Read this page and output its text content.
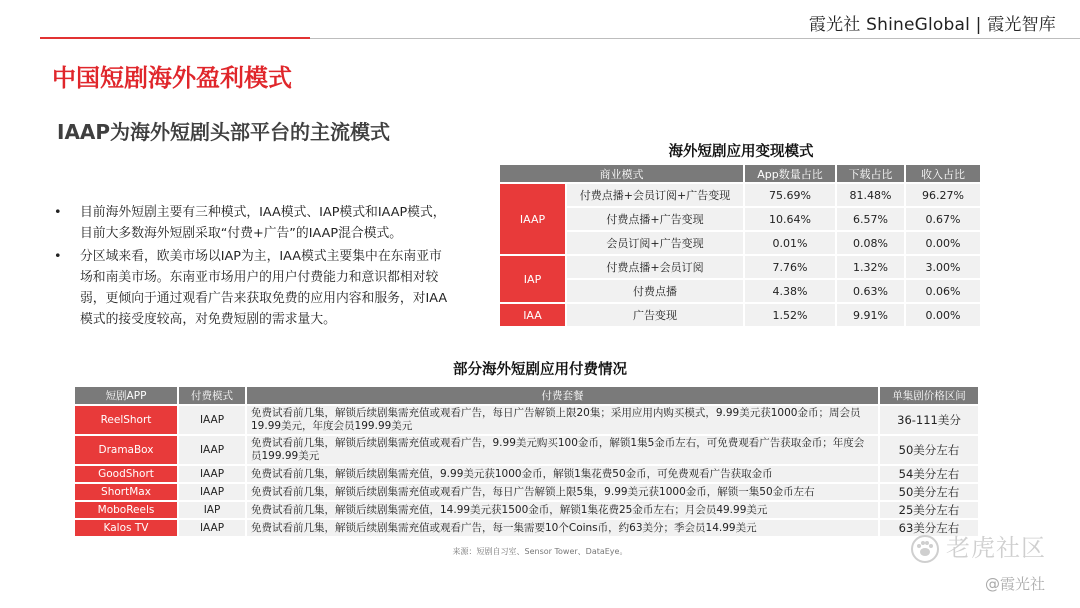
霞光社 ShineGlobal | 霞光智库
中国短剧海外盈利模式
IAAP为海外短剧头部平台的主流模式
• 目前海外短剧主要有三种模式，IAA模式、IAP模式和IAAP模式，目前大多数海外短剧采取“付费+广告”的IAAP混合模式。
• 分区域来看，欧美市场以IAP为主，IAA模式主要集中在东南亚市场和南美市场。东南亚市场用户的用户付费能力和意识都相对较弱，更倾向于通过观看广告来获取免费的应用内容和服务，对IAA模式的接受度较高，对免费短剧的需求量大。
海外短剧应用变现模式
商业模式		App数量占比	下载占比	收入占比
IAAP	付费点播+会员订阅+广告变现	75.69%	81.48%	96.27%
	付费点播+广告变现	10.64%	6.57%	0.67%
	会员订阅+广告变现	0.01%	0.08%	0.00%
IAP	付费点播+会员订阅	7.76%	1.32%	3.00%
	付费点播	4.38%	0.63%	0.06%
IAA	广告变现	1.52%	9.91%	0.00%
部分海外短剧应用付费情况
短剧APP	付费模式	付费套餐	单集剧价格区间
ReelShort	IAAP	免费试看前几集，解锁后续剧集需充值或观看广告，每日广告解锁上限20集；采用应用内购买模式，9.99美元获1000金币；周会员19.99美元，年度会员199.99美元	36-111美分
DramaBox	IAAP	免费试看前几集，解锁后续剧集需充值或观看广告，9.99美元购买100金币，解锁1集5金币左右，可免费观看广告获取金币；年度会员199.99美元	50美分左右
GoodShort	IAAP	免费试看前几集，解锁后续剧集需充值，9.99美元获1000金币，解锁1集花费50金币，可免费观看广告获取金币	54美分左右
ShortMax	IAAP	免费试看前几集，解锁后续剧集需充值或观看广告，每日广告解锁上限5集，9.99美元获1000金币，解锁一集50金币左右	50美分左右
MoboReels	IAP	免费试看前几集，解锁后续剧集需充值，14.99美元获1500金币，解锁1集花费25金币左右；月会员49.99美元	25美分左右
Kalos TV	IAAP	免费试看前几集，解锁后续剧集需充值或观看广告，每一集需要10个Coins币，约63美分；季会员14.99美元	63美分左右
来源：短剧自习室、Sensor Tower、DataEye。	老虎社区
@霞光社
